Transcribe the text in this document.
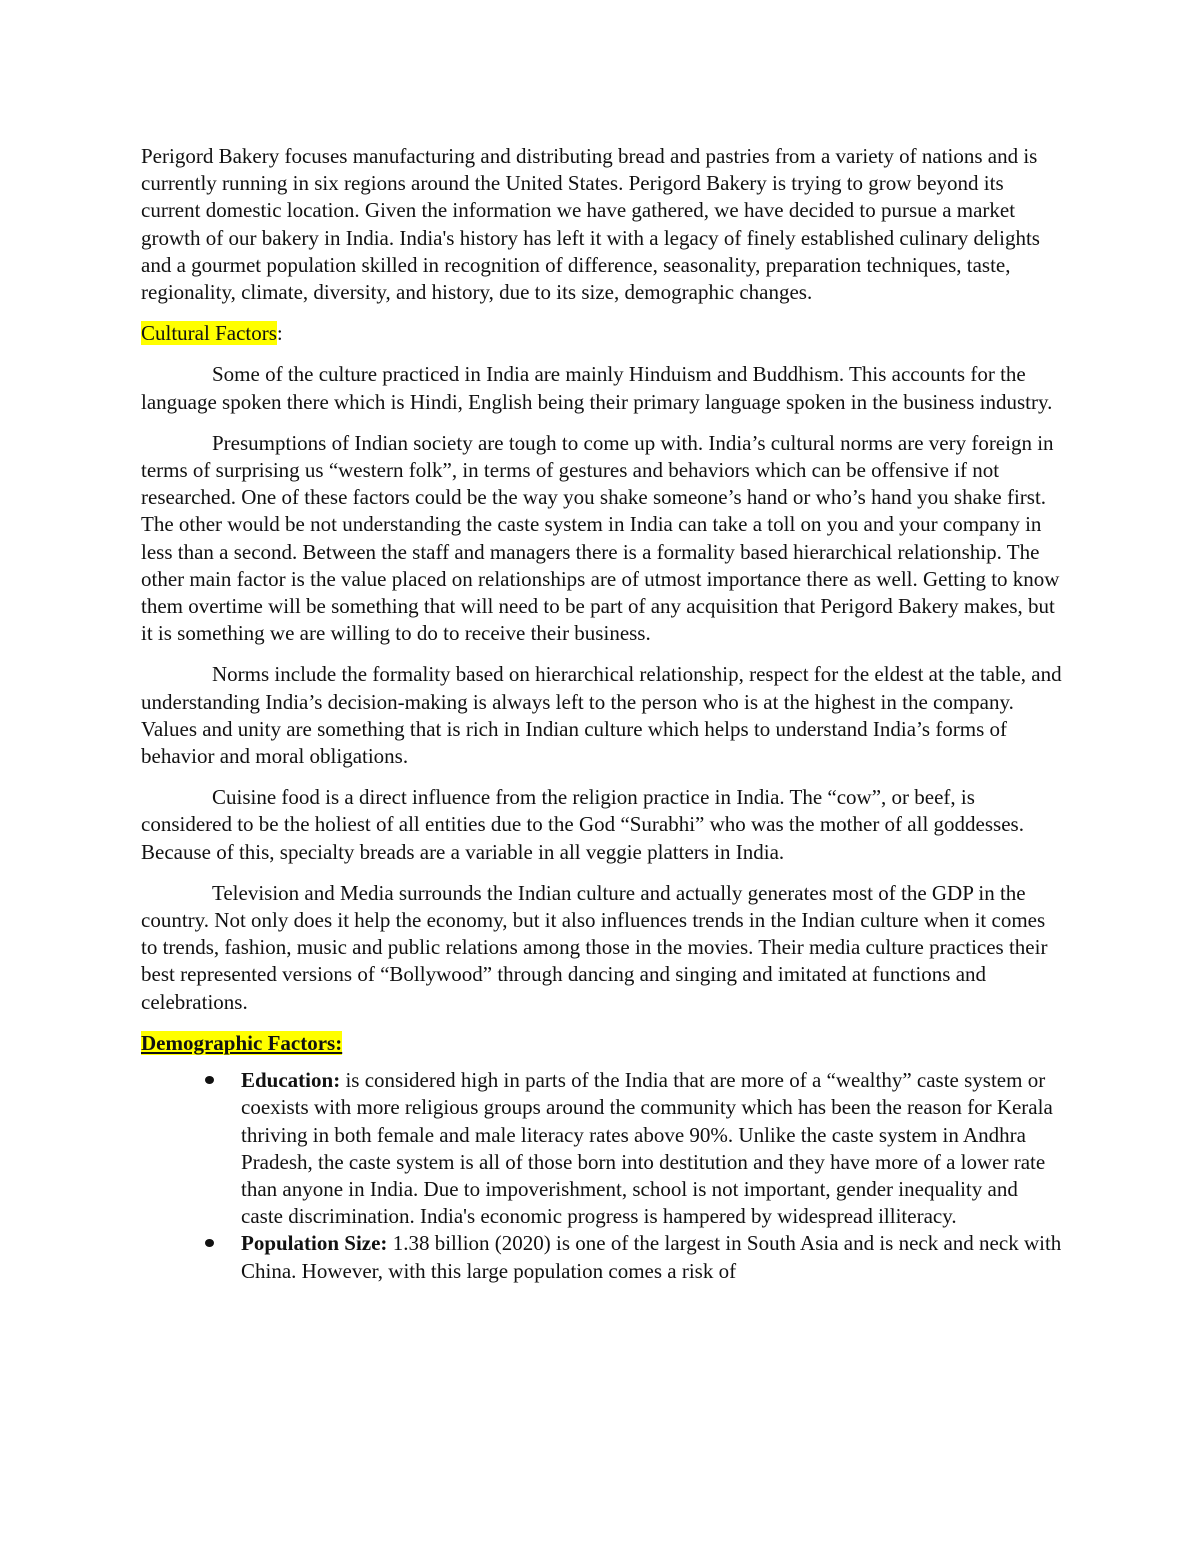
Perigord Bakery focuses manufacturing and distributing bread and pastries from a variety of nations and is currently running in six regions around the United States. Perigord Bakery is trying to grow beyond its current domestic location. Given the information we have gathered, we have decided to pursue a market growth of our bakery in India. India's history has left it with a legacy of finely established culinary delights and a gourmet population skilled in recognition of difference, seasonality, preparation techniques, taste, regionality, climate, diversity, and history, due to its size, demographic changes.

Cultural Factors:

Some of the culture practiced in India are mainly Hinduism and Buddhism. This accounts for the language spoken there which is Hindi, English being their primary language spoken in the business industry.

Presumptions of Indian society are tough to come up with. India’s cultural norms are very foreign in terms of surprising us “western folk”, in terms of gestures and behaviors which can be offensive if not researched. One of these factors could be the way you shake someone’s hand or who’s hand you shake first. The other would be not understanding the caste system in India can take a toll on you and your company in less than a second. Between the staff and managers there is a formality based hierarchical relationship. The other main factor is the value placed on relationships are of utmost importance there as well. Getting to know them overtime will be something that will need to be part of any acquisition that Perigord Bakery makes, but it is something we are willing to do to receive their business.

Norms include the formality based on hierarchical relationship, respect for the eldest at the table, and understanding India’s decision-making is always left to the person who is at the highest in the company. Values and unity are something that is rich in Indian culture which helps to understand India’s forms of behavior and moral obligations.

Cuisine food is a direct influence from the religion practice in India. The “cow”, or beef, is considered to be the holiest of all entities due to the God “Surabhi” who was the mother of all goddesses. Because of this, specialty breads are a variable in all veggie platters in India.

Television and Media surrounds the Indian culture and actually generates most of the GDP in the country. Not only does it help the economy, but it also influences trends in the Indian culture when it comes to trends, fashion, music and public relations among those in the movies. Their media culture practices their best represented versions of “Bollywood” through dancing and singing and imitated at functions and celebrations.

Demographic Factors:

Education: is considered high in parts of the India that are more of a “wealthy” caste system or coexists with more religious groups around the community which has been the reason for Kerala thriving in both female and male literacy rates above 90%. Unlike the caste system in Andhra Pradesh, the caste system is all of those born into destitution and they have more of a lower rate than anyone in India. Due to impoverishment, school is not important, gender inequality and caste discrimination. India's economic progress is hampered by widespread illiteracy.
Population Size: 1.38 billion (2020) is one of the largest in South Asia and is neck and neck with China. However, with this large population comes a risk of
